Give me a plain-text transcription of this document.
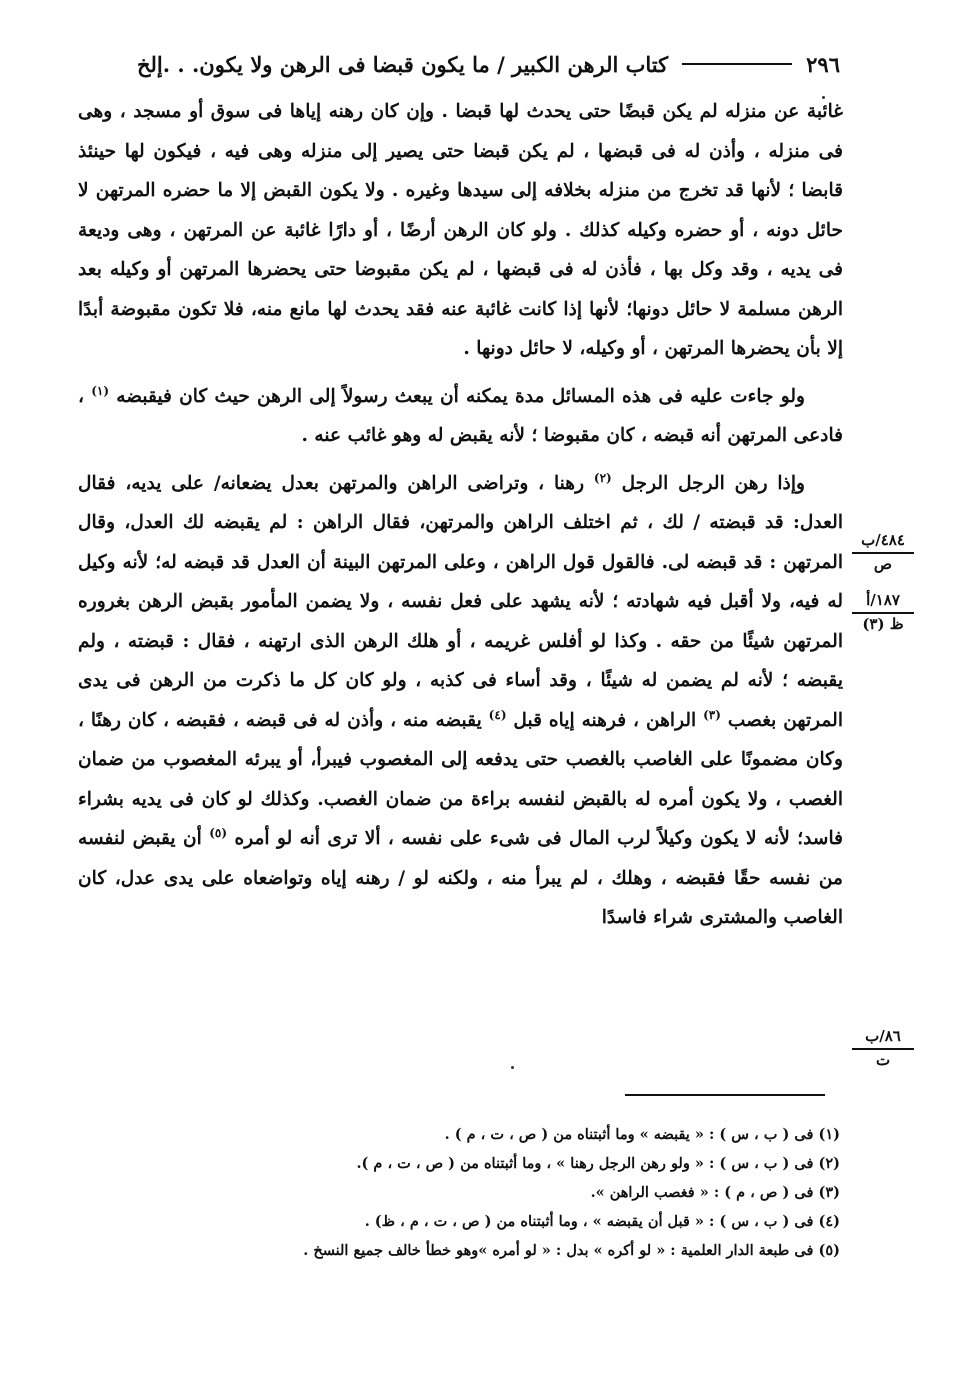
٢٩٦
كتاب الرهن الكبير / ما يكون قبضا فى الرهن ولا يكون. . .إلخ

غائبة عن منزله لم يكن قبضًا حتى يحدث لها قبضا . وإن كان رهنه إياها فى سوق أو مسجد ، وهى فى منزله ، وأذن له فى قبضها ، لم يكن قبضا حتى يصير إلى منزله وهى فيه ، فيكون لها حينئذ قابضا ؛ لأنها قد تخرج من منزله بخلافه إلى سيدها وغيره . ولا يكون القبض إلا ما حضره المرتهن لا حائل دونه ، أو حضره وكيله كذلك . ولو كان الرهن أرضًا ، أو دارًا غائبة عن المرتهن ، وهى وديعة فى يديه ، وقد وكل بها ، فأذن له فى قبضها ، لم يكن مقبوضا حتى يحضرها المرتهن أو وكيله بعد الرهن مسلمة لا حائل دونها؛ لأنها إذا كانت غائبة عنه فقد يحدث لها مانع منه، فلا تكون مقبوضة أبدًا إلا بأن يحضرها المرتهن ، أو وكيله، لا حائل دونها .

ولو جاءت عليه فى هذه المسائل مدة يمكنه أن يبعث رسولاً إلى الرهن حيث كان فيقبضه $^{(١)}$ ، فادعى المرتهن أنه قبضه ، كان مقبوضا ؛ لأنه يقبض له وهو غائب عنه .

وإذا رهن الرجل الرجل $^{(٢)}$ رهنا ، وتراضى الراهن والمرتهن بعدل يضعانه/ على يديه، فقال العدل: قد قبضته / لك ، ثم اختلف الراهن والمرتهن، فقال الراهن : لم يقبضه لك العدل، وقال المرتهن : قد قبضه لى. فالقول قول الراهن ، وعلى المرتهن البينة أن العدل قد قبضه له؛ لأنه وكيل له فيه، ولا أقبل فيه شهادته ؛ لأنه يشهد على فعل نفسه ، ولا يضمن المأمور بقبض الرهن بغروره المرتهن شيئًا من حقه . وكذا لو أفلس غريمه ، أو هلك الرهن الذى ارتهنه ، فقال : قبضته ، ولم يقبضه ؛ لأنه لم يضمن له شيئًا ، وقد أساء فى كذبه ، ولو كان كل ما ذكرت من الرهن فى يدى المرتهن بغصب $^{(٣)}$ الراهن ، فرهنه إياه قبل $^{(٤)}$ يقبضه منه ، وأذن له فى قبضه ، فقبضه ، كان رهنًا ، وكان مضمونًا على الغاصب بالغصب حتى يدفعه إلى المغصوب فيبرأ، أو يبرئه المغصوب من ضمان الغصب ، ولا يكون أمره له بالقبض لنفسه براءة من ضمان الغصب. وكذلك لو كان فى يديه بشراء فاسد؛ لأنه لا يكون وكيلاً لرب المال فى شىء على نفسه ، ألا ترى أنه لو أمره $^{(٥)}$ أن يقبض لنفسه من نفسه حقًا فقبضه ، وهلك ، لم يبرأ منه ، ولكنه لو / رهنه إياه وتواضعاه على يدى عدل، كان الغاصب والمشترى شراء فاسدًا

٤٨٤/ب
ص
١٨٧/أ
ظ (٣)
٨٦/ب
ت
(١) فى ( ب ، س ) : « يقبضه » وما أثبتناه من ( ص ، ت ، م ) .
(٢) فى ( ب ، س ) : « ولو رهن الرجل رهنا » ، وما أثبتناه من ( ص ، ت ، م ).
(٣) فى ( ص ، م ) : « فغصب الراهن ».
(٤) فى ( ب ، س ) : « قبل أن يقبضه » ، وما أثبتناه من ( ص ، ت ، م ، ظ) .
(٥) فى طبعة الدار العلمية : « لو أكره » بدل : « لو أمره »وهو خطأ خالف جميع النسخ .
